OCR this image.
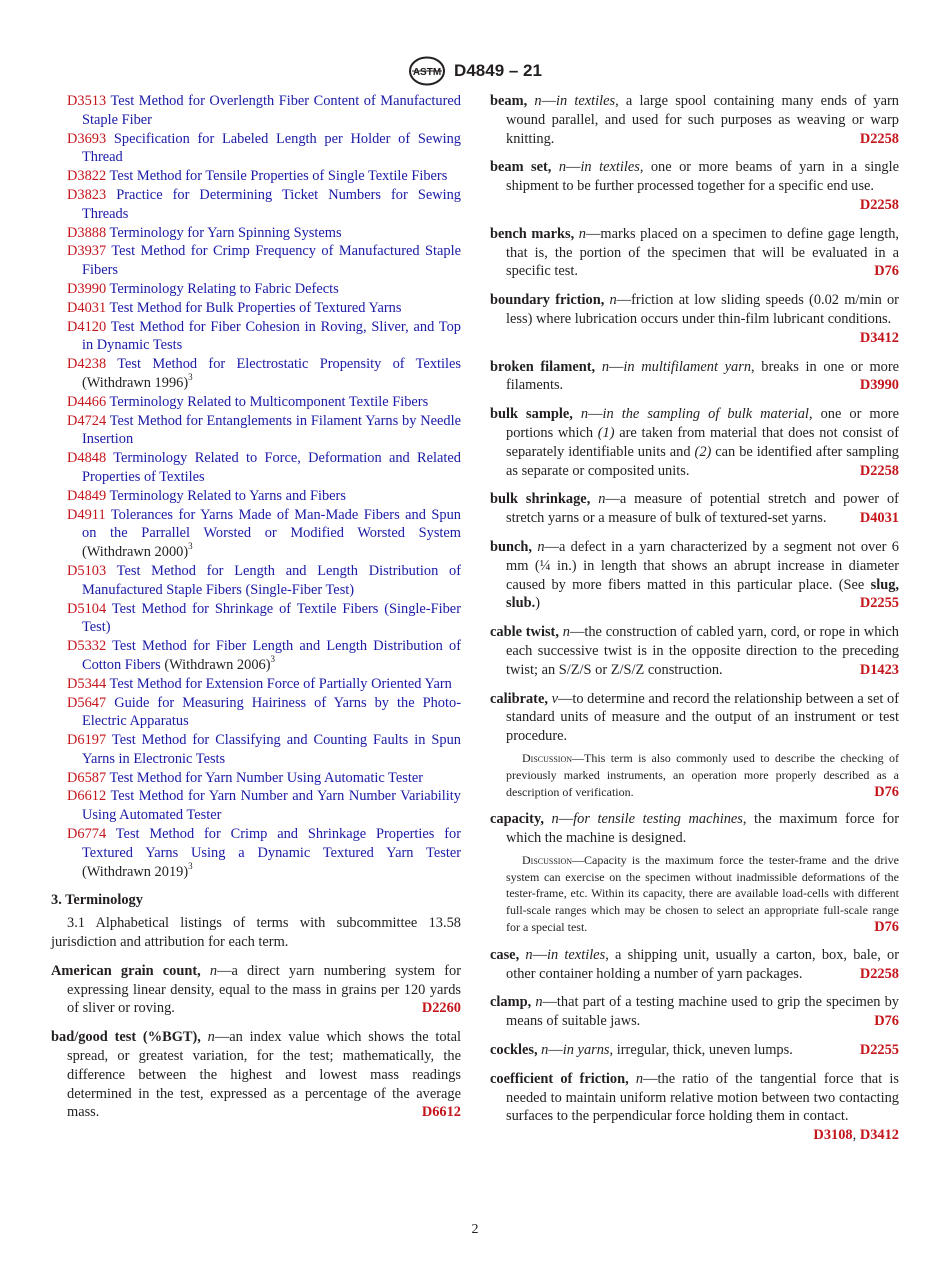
ASTM D4849 – 21

D3513 Test Method for Overlength Fiber Content of Manufactured Staple Fiber

D3693 Specification for Labeled Length per Holder of Sewing Thread

D3822 Test Method for Tensile Properties of Single Textile Fibers

D3823 Practice for Determining Ticket Numbers for Sewing Threads

D3888 Terminology for Yarn Spinning Systems

D3937 Test Method for Crimp Frequency of Manufactured Staple Fibers

D3990 Terminology Relating to Fabric Defects

D4031 Test Method for Bulk Properties of Textured Yarns

D4120 Test Method for Fiber Cohesion in Roving, Sliver, and Top in Dynamic Tests

D4238 Test Method for Electrostatic Propensity of Textiles (Withdrawn 1996)$^3$

D4466 Terminology Related to Multicomponent Textile Fibers

D4724 Test Method for Entanglements in Filament Yarns by Needle Insertion

D4848 Terminology Related to Force, Deformation and Related Properties of Textiles

D4849 Terminology Related to Yarns and Fibers

D4911 Tolerances for Yarns Made of Man-Made Fibers and Spun on the Parrallel Worsted or Modified Worsted System (Withdrawn 2000)$^3$

D5103 Test Method for Length and Length Distribution of Manufactured Staple Fibers (Single-Fiber Test)

D5104 Test Method for Shrinkage of Textile Fibers (Single-Fiber Test)

D5332 Test Method for Fiber Length and Length Distribution of Cotton Fibers (Withdrawn 2006)$^3$

D5344 Test Method for Extension Force of Partially Oriented Yarn

D5647 Guide for Measuring Hairiness of Yarns by the Photo-Electric Apparatus

D6197 Test Method for Classifying and Counting Faults in Spun Yarns in Electronic Tests

D6587 Test Method for Yarn Number Using Automatic Tester

D6612 Test Method for Yarn Number and Yarn Number Variability Using Automated Tester

D6774 Test Method for Crimp and Shrinkage Properties for Textured Yarns Using a Dynamic Textured Yarn Tester (Withdrawn 2019)$^3$

3. Terminology

3.1 Alphabetical listings of terms with subcommittee 13.58 jurisdiction and attribution for each term.

American grain count, n—a direct yarn numbering system for expressing linear density, equal to the mass in grains per 120 yards of sliver or roving.	D2260

bad/good test (%BGT), n—an index value which shows the total spread, or greatest variation, for the test; mathematically, the difference between the highest and lowest mass readings determined in the test, expressed as a percentage of the average mass.	D6612

beam, n—in textiles, a large spool containing many ends of yarn wound parallel, and used for such purposes as weaving or warp knitting.	D2258

beam set, n—in textiles, one or more beams of yarn in a single shipment to be further processed together for a specific end use.
D2258

bench marks, n—marks placed on a specimen to define gage length, that is, the portion of the specimen that will be evaluated in a specific test.	D76

boundary friction, n—friction at low sliding speeds (0.02 m/min or less) where lubrication occurs under thin-film lubricant conditions.
D3412

broken filament, n—in multifilament yarn, breaks in one or more filaments.	D3990

bulk sample, n—in the sampling of bulk material, one or more portions which (1) are taken from material that does not consist of separately identifiable units and (2) can be identified after sampling as separate or composited units.	D2258

bulk shrinkage, n—a measure of potential stretch and power of stretch yarns or a measure of bulk of textured-set yarns. D4031

bunch, n—a defect in a yarn characterized by a segment not over 6 mm (¼ in.) in length that shows an abrupt increase in diameter caused by more fibers matted in this particular place. (See slug, slub.)	D2255

cable twist, n—the construction of cabled yarn, cord, or rope in which each successive twist is in the opposite direction to the preceding twist; an S/Z/S or Z/S/Z construction.	D1423

calibrate, v—to determine and record the relationship between a set of standard units of measure and the output of an instrument or test procedure.

Discussion—This term is also commonly used to describe the checking of previously marked instruments, an operation more properly described as a description of verification.	D76

capacity, n—for tensile testing machines, the maximum force for which the machine is designed.

Discussion—Capacity is the maximum force the tester-frame and the drive system can exercise on the specimen without inadmissible deformations of the tester-frame, etc. Within its capacity, there are available load-cells with different full-scale ranges which may be chosen to select an appropriate full-scale range for a special test.	D76

case, n—in textiles, a shipping unit, usually a carton, box, bale, or other container holding a number of yarn packages.	D2258

clamp, n—that part of a testing machine used to grip the specimen by means of suitable jaws.	D76

cockles, n—in yarns, irregular, thick, uneven lumps.	D2255

coefficient of friction, n—the ratio of the tangential force that is needed to maintain uniform relative motion between two contacting surfaces to the perpendicular force holding them in contact.
D3108, D3412

2
